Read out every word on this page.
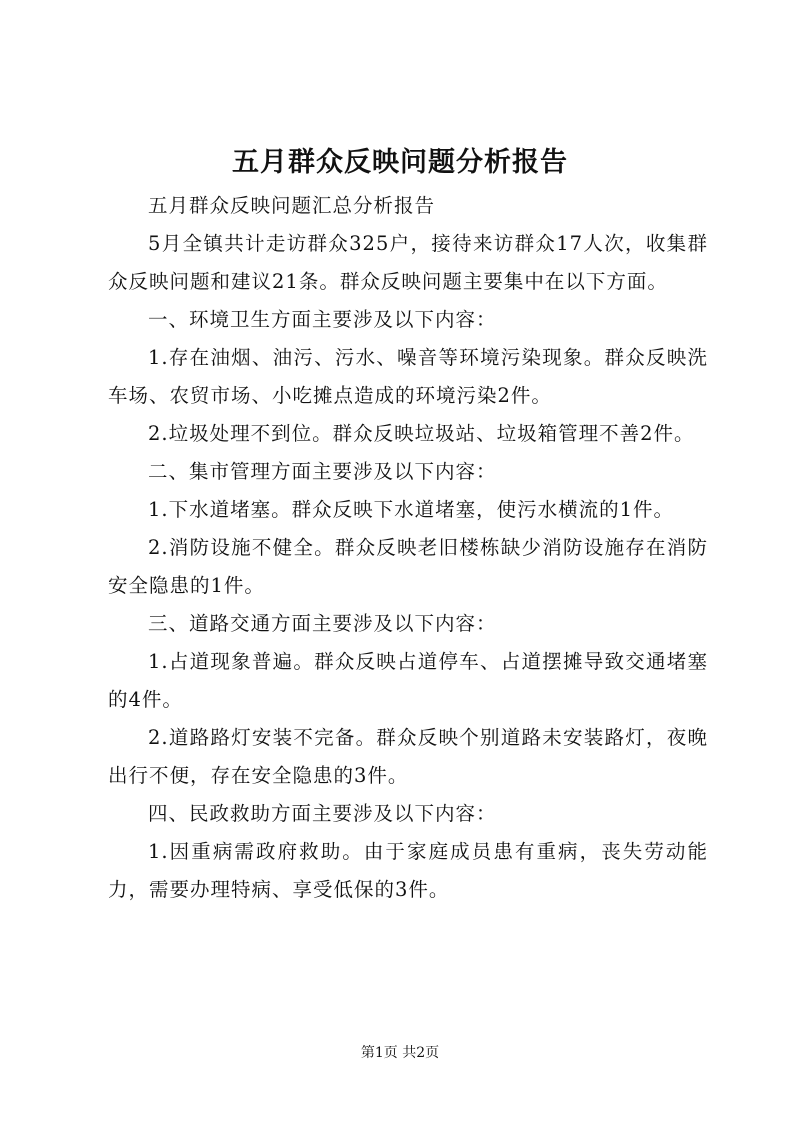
五月群众反映问题分析报告

五月群众反映问题汇总分析报告

5月全镇共计走访群众325户，接待来访群众17人次，收集群众反映问题和建议21条。群众反映问题主要集中在以下方面。

一、环境卫生方面主要涉及以下内容：

1.存在油烟、油污、污水、噪音等环境污染现象。群众反映洗车场、农贸市场、小吃摊点造成的环境污染2件。

2.垃圾处理不到位。群众反映垃圾站、垃圾箱管理不善2件。

二、集市管理方面主要涉及以下内容：

1.下水道堵塞。群众反映下水道堵塞，使污水横流的1件。

2.消防设施不健全。群众反映老旧楼栋缺少消防设施存在消防安全隐患的1件。

三、道路交通方面主要涉及以下内容：

1.占道现象普遍。群众反映占道停车、占道摆摊导致交通堵塞的4件。

2.道路路灯安装不完备。群众反映个别道路未安装路灯，夜晚出行不便，存在安全隐患的3件。

四、民政救助方面主要涉及以下内容：

1.因重病需政府救助。由于家庭成员患有重病，丧失劳动能力，需要办理特病、享受低保的3件。

第1页 共2页
